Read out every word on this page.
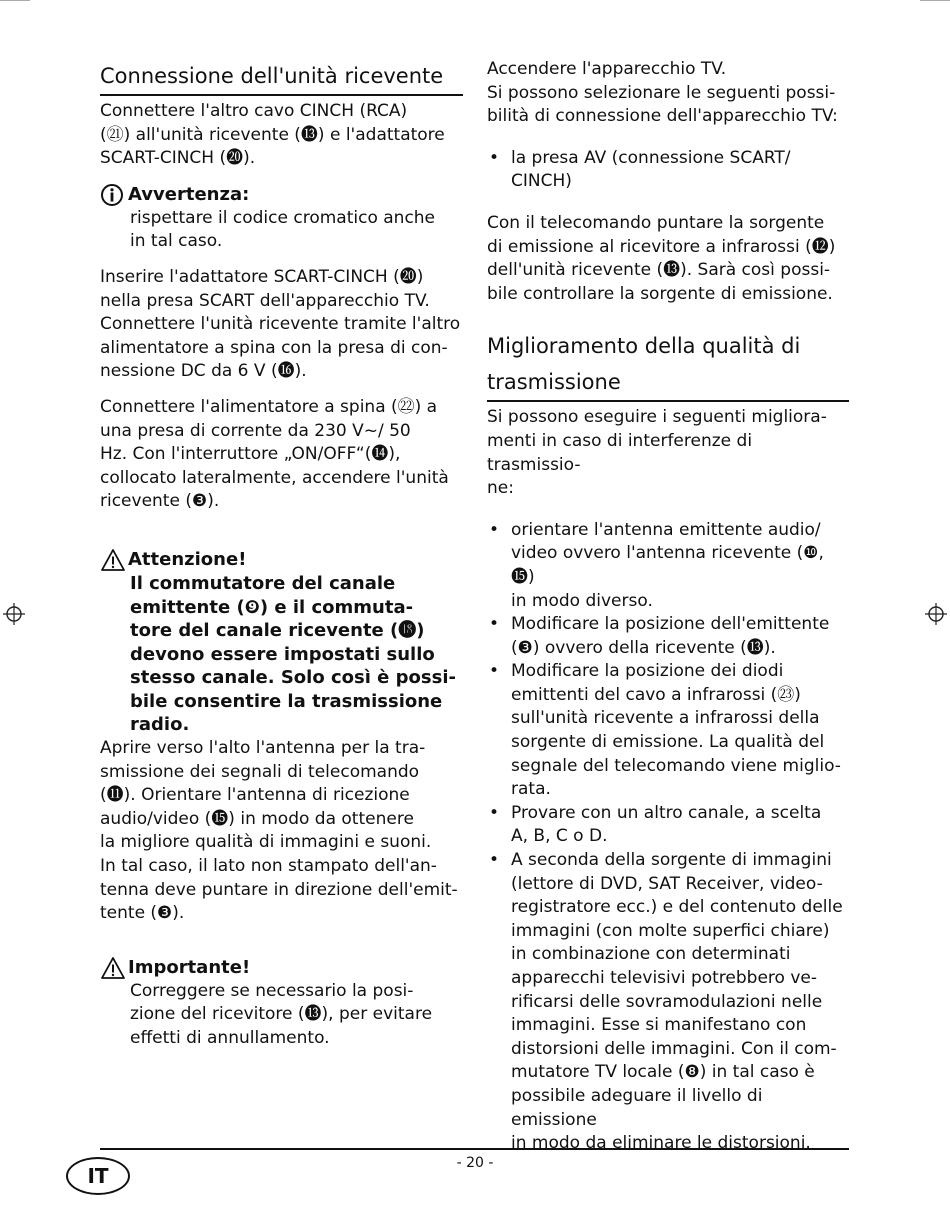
Connessione dell'unità ricevente

Connettere l'altro cavo CINCH (RCA)
(㉑) all'unità ricevente (⓭) e l'adattatore
SCART-CINCH (⓴).

Avvertenza:

rispettare il codice cromatico anche
in tal caso.

Inserire l'adattatore SCART-CINCH (⓴)
nella presa SCART dell'apparecchio TV.
Connettere l'unità ricevente tramite l'altro
alimentatore a spina con la presa di con-
nessione DC da 6 V (⓰).

Connettere l'alimentatore a spina (㉒) a
una presa di corrente da 230 V~/ 50
Hz. Con l'interruttore „ON/OFF“(⓮),
collocato lateralmente, accendere l'unità
ricevente (❸).

Attenzione!

Il commutatore del canale
emittente (❾) e il commuta-
tore del canale ricevente (⓲)
devono essere impostati sullo
stesso canale. Solo così è possi-
bile consentire la trasmissione
radio.

Aprire verso l'alto l'antenna per la tra-
smissione dei segnali di telecomando
(⓫). Orientare l'antenna di ricezione
audio/video (⓯) in modo da ottenere
la migliore qualità di immagini e suoni.
In tal caso, il lato non stampato dell'an-
tenna deve puntare in direzione dell'emit-
tente (❸).

Importante!

Correggere se necessario la posi-
zione del ricevitore (⓭), per evitare
effetti di annullamento.

Accendere l'apparecchio TV.
Si possono selezionare le seguenti possi-
bilità di connessione dell'apparecchio TV:

• la presa AV (connessione SCART/
CINCH)

Con il telecomando puntare la sorgente
di emissione al ricevitore a infrarossi (⓬)
dell'unità ricevente (⓭). Sarà così possi-
bile controllare la sorgente di emissione.

Miglioramento della qualità di
trasmissione

Si possono eseguire i seguenti migliora-
menti in caso di interferenze di trasmissio-
ne:

• orientare l'antenna emittente audio/
video ovvero l'antenna ricevente (❿, ⓯)
in modo diverso.
• Modificare la posizione dell'emittente
(❸) ovvero della ricevente (⓭).
• Modificare la posizione dei diodi
emittenti del cavo a infrarossi (㉓)
sull'unità ricevente a infrarossi della
sorgente di emissione. La qualità del
segnale del telecomando viene miglio-
rata.
• Provare con un altro canale, a scelta
A, B, C o D.
• A seconda della sorgente di immagini
(lettore di DVD, SAT Receiver, video-
registratore ecc.) e del contenuto delle
immagini (con molte superfici chiare)
in combinazione con determinati
apparecchi televisivi potrebbero ve-
rificarsi delle sovramodulazioni nelle
immagini. Esse si manifestano con
distorsioni delle immagini. Con il com-
mutatore TV locale (❽) in tal caso è
possibile adeguare il livello di emissione
in modo da eliminare le distorsioni.
- 20 -
IT
